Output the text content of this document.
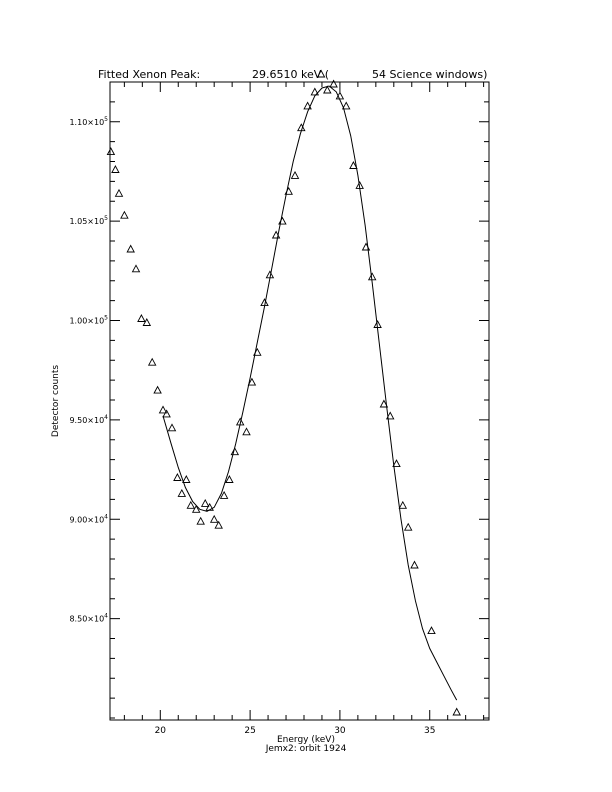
20	25	30	35
$8.50\times 10^4$
$9.00\times 10^4$
$9.50\times 10^4$
$1.00\times 10^5$
$1.05\times 10^5$
$1.10\times 10^5$
Fitted Xenon Peak:	29.6510 keV (	54 Science windows)
Energy (keV)
Jemx2: orbit 1924
Detector counts
